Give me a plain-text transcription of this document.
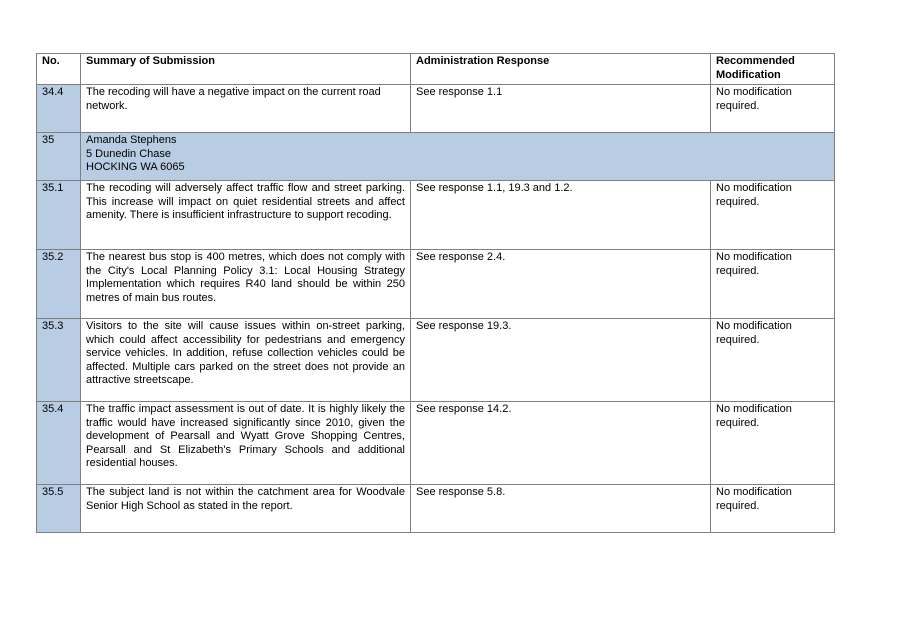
No.	Summary of Submission	Administration Response	Recommended Modification
34.4	The recoding will have a negative impact on the current road network.	See response 1.1	No modification required.
35	Amanda Stephens
5 Dunedin Chase
HOCKING WA 6065		

35.1	The recoding will adversely affect traffic flow and street parking. This increase will impact on quiet residential streets and affect amenity. There is insufficient infrastructure to support recoding.	See response 1.1, 19.3 and 1.2.	No modification required.
35.2	The nearest bus stop is 400 metres, which does not comply with the City's Local Planning Policy 3.1: Local Housing Strategy Implementation which requires R40 land should be within 250 metres of main bus routes.	See response 2.4.	No modification required.
35.3	Visitors to the site will cause issues within on-street parking, which could affect accessibility for pedestrians and emergency service vehicles. In addition, refuse collection vehicles could be affected. Multiple cars parked on the street does not provide an attractive streetscape.	See response 19.3.	No modification required.
35.4	The traffic impact assessment is out of date. It is highly likely the traffic would have increased significantly since 2010, given the development of Pearsall and Wyatt Grove Shopping Centres, Pearsall and St Elizabeth's Primary Schools and additional residential houses.	See response 14.2.	No modification required.
35.5	The subject land is not within the catchment area for Woodvale Senior High School as stated in the report.	See response 5.8.	No modification required.
